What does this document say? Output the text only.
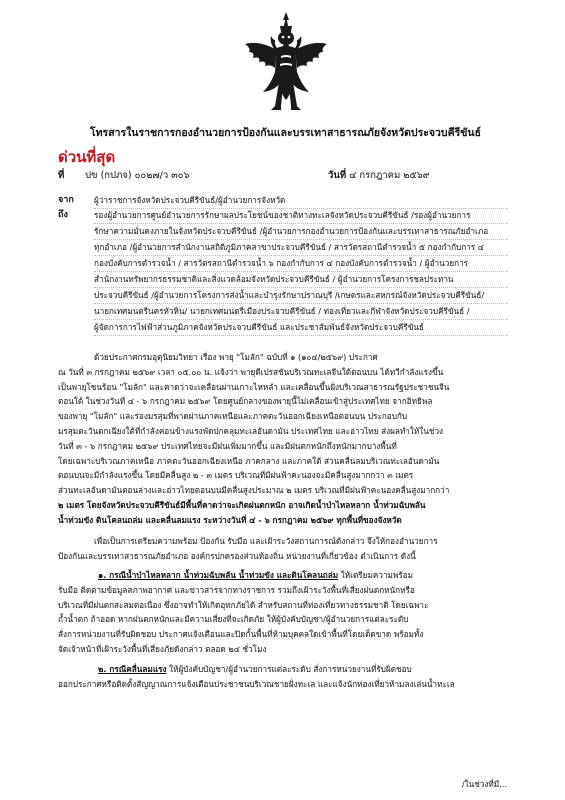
โทรสารในราชการกองอำนวยการป้องกันและบรรเทาสาธารณภัยจังหวัดประจวบคีรีขันธ์
ด่วนที่สุด
ที่ ปข (กปภจ) ๐๐๒๗/ว ๓๐๖	วันที่ ๔ กรกฎาคม ๒๕๖๙
จาก ผู้ว่าราชการจังหวัดประจวบคีรีขันธ์/ผู้อำนวยการจังหวัด
ถึง	รองผู้อำนวยการศูนย์อำนวยการรักษาผลประโยชน์ของชาติทางทะเลจังหวัดประจวบคีรีขันธ์ /รองผู้อำนวยการ
รักษาความมั่นคงภายในจังหวัดประจวบคีรีขันธ์ /ผู้อำนวยการกองอำนวยการป้องกันและบรรเทาสาธารณภัยอำเภอ
ทุกอำเภอ /ผู้อำนวยการสำนักงานสถิติภูมิภาคสาขาประจวบคีรีขันธ์ / สารวัตรสถานีตำรวจน้ำ ๕ กองกำกับการ ๔
กองบังคับการตำรวจน้ำ / สารวัตรสถานีตำรวจน้ำ ๖ กองกำกับการ ๔ กองบังคับการตำรวจน้ำ / ผู้อำนวยการ
สำนักงานทรัพยากรธรรมชาติและสิ่งแวดล้อมจังหวัดประจวบคีรีขันธ์ / ผู้อำนวยการโครงการชลประทาน
ประจวบคีรีขันธ์ /ผู้อำนวยการโครงการส่งน้ำและบำรุงรักษาปราณบุรี /เกษตรและสหกรณ์จังหวัดประจวบคีรีขันธ์/
นายกเทศมนตรีนครหัวหิน/ นายกเทศมนตรีเมืองประจวบคีรีขันธ์ / ท่องเที่ยวและกีฬาจังหวัดประจวบคีรีขันธ์ /
ผู้จัดการการไฟฟ้าส่วนภูมิภาคจังหวัดประจวบคีรีขันธ์ และประชาสัมพันธ์จังหวัดประจวบคีรีขันธ์
ด้วยประกาศกรมอุตุนิยมวิทยา เรื่อง พายุ "โมลัก" ฉบับที่ ๑ (๑๐๔/๒๕๖๙) ประกาศ
ณ วันที่ ๓ กรกฎาคม ๒๕๖๙ เวลา ๐๕.๐๐ น. แจ้งว่า พายุดีเปรสชันบริเวณทะเลจีนใต้ตอนบน ได้ทวีกำลังแรงขึ้น
เป็นพายุโซนร้อน "โมลัก" และคาดว่าจะเคลื่อนผ่านเกาะไหหลำ และเคลื่อนขึ้นฝั่งบริเวณสาธารณรัฐประชาชนจีน
ตอนใต้ ในช่วงวันที่ ๔ - ๖ กรกฎาคม ๒๕๖๙ โดยศูนย์กลางของพายุนี้ไม่เคลื่อนเข้าสู่ประเทศไทย จากอิทธิพล
ของพายุ "โมลัก" และร่องมรสุมที่พาดผ่านภาคเหนือและภาคตะวันออกเฉียงเหนือตอนบน ประกอบกับ
มรสุมตะวันตกเฉียงใต้ที่กำลังค่อนข้างแรงพัดปกคลุมทะเลอันดามัน ประเทศไทย และอ่าวไทย ส่งผลทำให้ในช่วง
วันที่ ๓ - ๖ กรกฎาคม ๒๕๖๙ ประเทศไทยจะมีฝนเพิ่มมากขึ้น และมีฝนตกหนักถึงหนักมากบางพื้นที่
โดยเฉพาะบริเวณภาคเหนือ ภาคตะวันออกเฉียงเหนือ ภาคกลาง และภาคใต้ ส่วนคลื่นลมบริเวณทะเลอันดามัน
ตอนบนจะมีกำลังแรงขึ้น โดยมีคลื่นสูง ๒ - ๓ เมตร บริเวณที่มีฝนฟ้าคะนองจะมีคลื่นสูงมากกว่า ๓ เมตร
ส่วนทะเลอันดามันตอนล่างและอ่าวไทยตอนบนมีคลื่นสูงประมาณ ๒ เมตร บริเวณที่มีฝนฟ้าคะนองคลื่นสูงมากกว่า
๒ เมตร โดยจังหวัดประจวบคีรีขันธ์มีพื้นที่คาดว่าจะเกิดฝนตกหนัก อาจเกิดน้ำป่าไหลหลาก น้ำท่วมฉับพลัน
น้ำท่วมขัง ดินโคลนถล่ม และคลื่นลมแรง ระหว่างวันที่ ๔ - ๖ กรกฎาคม ๒๕๖๙ ทุกพื้นที่ของจังหวัด
เพื่อเป็นการเตรียมความพร้อม ป้องกัน รับมือ และเฝ้าระวังสถานการณ์ดังกล่าว จึงให้กองอำนวยการ
ป้องกันและบรรเทาสาธารณภัยอำเภอ องค์กรปกครองส่วนท้องถิ่น หน่วยงานที่เกี่ยวข้อง ดำเนินการ ดังนี้
๑. กรณีน้ำป่าไหลหลาก น้ำท่วมฉับพลัน น้ำท่วมขัง และดินโคลนถล่ม ให้เตรียมความพร้อม
รับมือ ติดตามข้อมูลสภาพอากาศ และข่าวสารจากทางราชการ รวมถึงเฝ้าระวังพื้นที่เสี่ยงฝนตกหนักหรือ
บริเวณที่มีฝนตกสะสมต่อเนื่อง ซึ่งอาจทำให้เกิดอุทกภัยได้ สำหรับสถานที่ท่องเที่ยวทางธรรมชาติ โดยเฉพาะ
ถ้ำน้ำตก ถ้าออด หากฝนตกหนักและมีความเสี่ยงที่จะเกิดภัย ให้ผู้บังคับบัญชา/ผู้อำนวยการแต่ละระดับ
สั่งการหน่วยงานที่รับผิดชอบ ประกาศแจ้งเตือนและปิดกั้นพื้นที่ห้ามบุคคลใดเข้าพื้นที่โดยเด็ดขาด พร้อมทั้ง
จัดเจ้าหน้าที่เฝ้าระวังพื้นที่เสี่ยงภัยดังกล่าว ตลอด ๒๔ ชั่วโมง
๒. กรณีคลื่นลมแรง ให้ผู้บังคับบัญชา/ผู้อำนวยการแต่ละระดับ สั่งการหน่วยงานที่รับผิดชอบ
ออกประกาศหรือติดตั้งสัญญาณการแจ้งเตือนประชาชนบริเวณชายฝั่งทะเล และแจ้งนักท่องเที่ยวห้ามลงเล่นน้ำทะเล
/ในช่วงที่มี...
